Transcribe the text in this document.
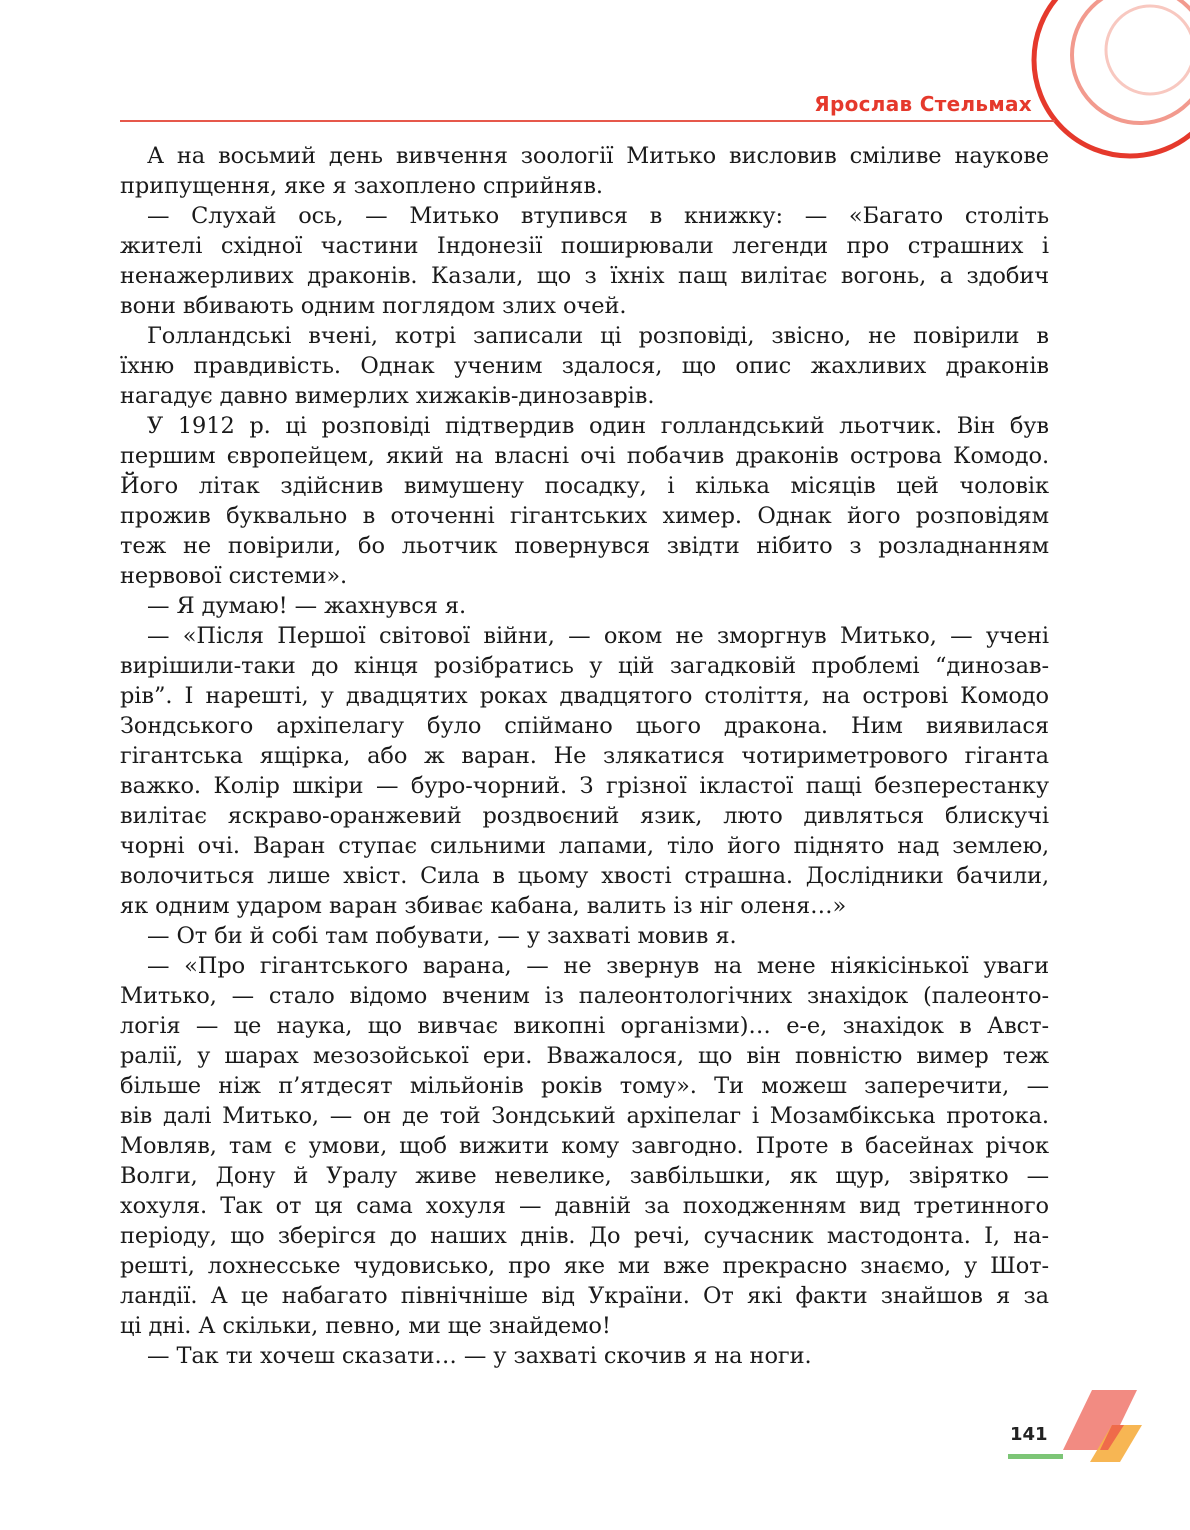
Ярослав Стельмах
А на восьмий день вивчення зоології Митько висловив сміливе наукове
припущення, яке я захоплено сприйняв.
— Слухай ось, — Митько втупився в книжку: — «Багато століть
жителі східної частини Індонезії поширювали легенди про страшних і
ненажерливих драконів. Казали, що з їхніх пащ вилітає вогонь, а здобич
вони вбивають одним поглядом злих очей.
Голландські вчені, котрі записали ці розповіді, звісно, не повірили в
їхню правдивість. Однак ученим здалося, що опис жахливих драконів
нагадує давно вимерлих хижаків-динозаврів.
У 1912 р. ці розповіді підтвердив один голландський льотчик. Він був
першим європейцем, який на власні очі побачив драконів острова Комодо.
Його літак здійснив вимушену посадку, і кілька місяців цей чоловік
прожив буквально в оточенні гігантських химер. Однак його розповідям
теж не повірили, бо льотчик повернувся звідти нібито з розладнанням
нервової системи».
— Я думаю! — жахнувся я.
— «Після Першої світової війни, — оком не зморгнув Митько, — учені
вирішили-таки до кінця розібратись у цій загадковій проблемі “динозав-
рів”. І нарешті, у двадцятих роках двадцятого століття, на острові Комодо
Зондського архіпелагу було спіймано цього дракона. Ним виявилася
гігантська ящірка, або ж варан. Не злякатися чотириметрового гіганта
важко. Колір шкіри — буро-чорний. З грізної ікластої пащі безперестанку
вилітає яскраво-оранжевий роздвоєний язик, люто дивляться блискучі
чорні очі. Варан ступає сильними лапами, тіло його піднято над землею,
волочиться лише хвіст. Сила в цьому хвості страшна. Дослідники бачили,
як одним ударом варан збиває кабана, валить із ніг оленя…»
— От би й собі там побувати, — у захваті мовив я.
— «Про гігантського варана, — не звернув на мене ніякісінької уваги
Митько, — стало відомо вченим із палеонтологічних знахідок (палеонто-
логія — це наука, що вивчає викопні організми)… е-е, знахідок в Авст-
ралії, у шарах мезозойської ери. Вважалося, що він повністю вимер теж
більше ніж п’ятдесят мільйонів років тому». Ти можеш заперечити, —
вів далі Митько, — он де той Зондський архіпелаг і Мозамбікська протока.
Мовляв, там є умови, щоб вижити кому завгодно. Проте в басейнах річок
Волги, Дону й Уралу живе невелике, завбільшки, як щур, звірятко —
хохуля. Так от ця сама хохуля — давній за походженням вид третинного
періоду, що зберігся до наших днів. До речі, сучасник мастодонта. І, на-
решті, лохнесське чудовисько, про яке ми вже прекрасно знаємо, у Шот-
ландії. А це набагато північніше від України. От які факти знайшов я за
ці дні. А скільки, певно, ми ще знайдемо!
— Так ти хочеш сказати… — у захваті скочив я на ноги.
141
